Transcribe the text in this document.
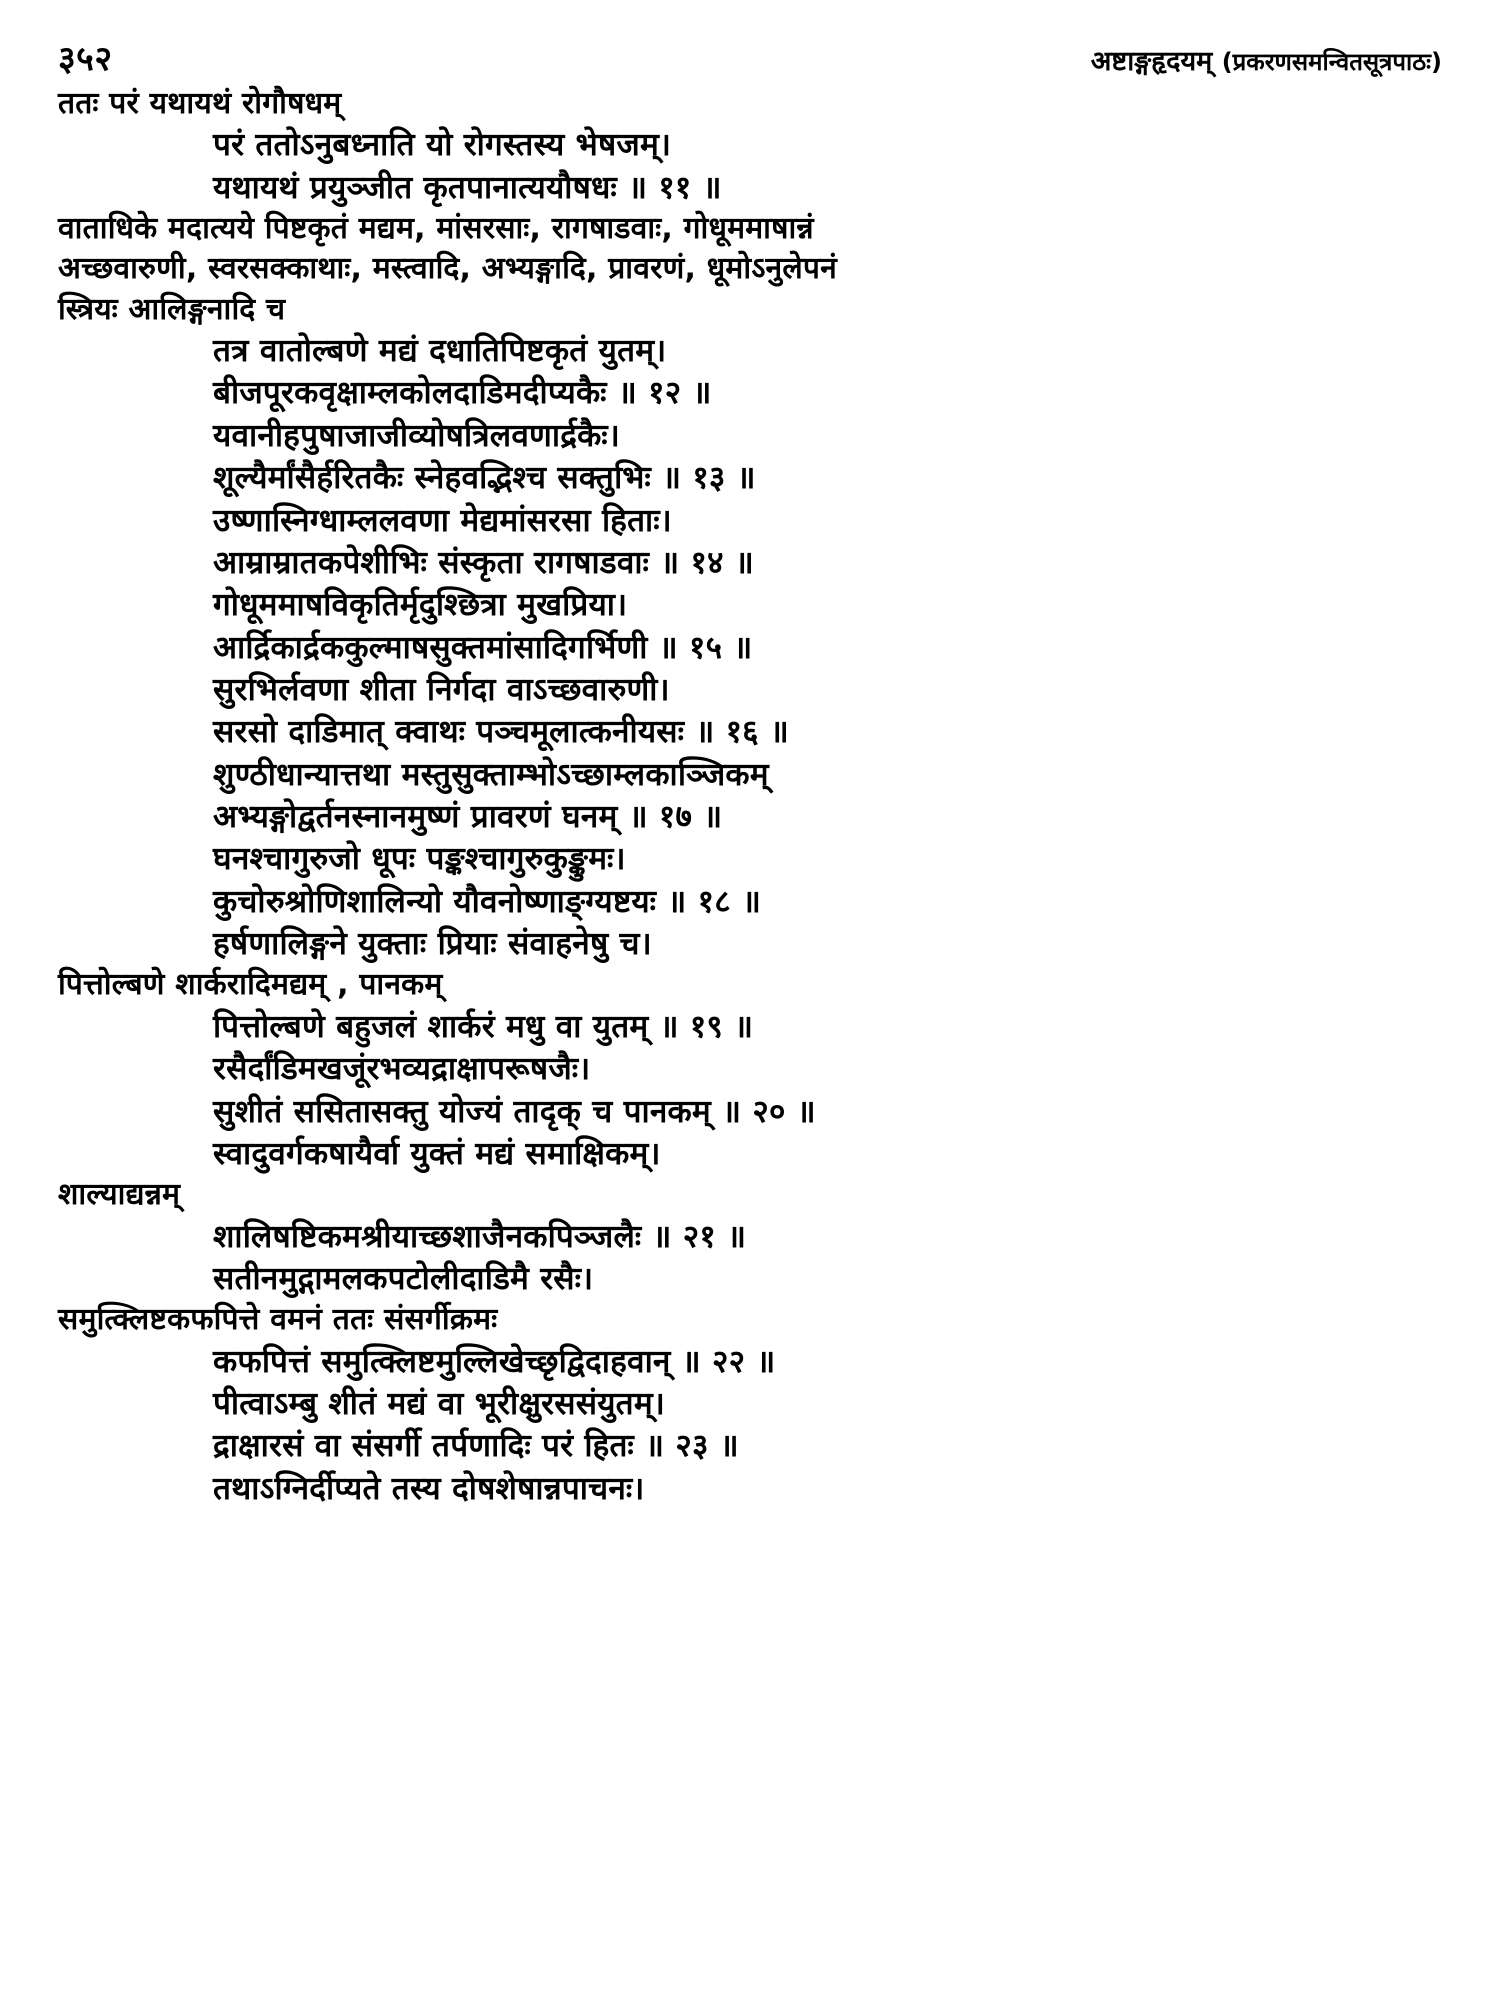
३५२	अष्टाङ्गहृदयम् (प्रकरणसमन्वितसूत्रपाठः)
ततः परं यथायथं रोगौषधम्
परं ततोऽनुबध्नाति यो रोगस्तस्य भेषजम्।
यथायथं प्रयुञ्जीत कृतपानात्ययौषधः ॥ ११ ॥
वाताधिके मदात्यये पिष्टकृतं मद्यम, मांसरसाः, रागषाडवाः, गोधूममाषान्नं
अच्छवारुणी, स्वरसक्काथाः, मस्त्वादि, अभ्यङ्गादि, प्रावरणं, धूमोऽनुलेपनं
स्त्रियः आलिङ्गनादि च
तत्र वातोल्बणे मद्यं दधातिपिष्टकृतं युतम्।
बीजपूरकवृक्षाम्लकोलदाडिमदीप्यकैः ॥ १२ ॥
यवानीहपुषाजाजीव्योषत्रिलवणार्द्रकैः।
शूल्यैर्मांसैर्हरितकैः स्नेहवद्भिश्च सक्तुभिः ॥ १३ ॥
उष्णास्निग्धाम्ललवणा मेद्यमांसरसा हिताः।
आम्राम्रातकपेशीभिः संस्कृता रागषाडवाः ॥ १४ ॥
गोधूममाषविकृतिर्मृदुश्छित्रा मुखप्रिया।
आर्द्रिकार्द्रककुल्माषसुक्तमांसादिगर्भिणी ॥ १५ ॥
सुरभिर्लवणा शीता निर्गदा वाऽच्छवारुणी।
सरसो दाडिमात् क्वाथः पञ्चमूलात्कनीयसः ॥ १६ ॥
शुण्ठीधान्यात्तथा मस्तुसुक्ताम्भोऽच्छाम्लकाञ्जिकम्
अभ्यङ्गोद्वर्तनस्नानमुष्णं प्रावरणं घनम् ॥ १७ ॥
घनश्चागुरुजो धूपः पङ्कश्चागुरुकुङ्कुमः।
कुचोरुश्रोणिशालिन्यो यौवनोष्णाङ्ग्यष्टयः ॥ १८ ॥
हर्षणालिङ्गने युक्ताः प्रियाः संवाहनेषु च।
पित्तोल्बणे शार्करादिमद्यम् , पानकम्
पित्तोल्बणे बहुजलं शार्करं मधु वा युतम् ॥ १९ ॥
रसैर्दांडिमखजूंरभव्यद्राक्षापरूषजैः।
सुशीतं ससितासक्तु योज्यं तादृक् च पानकम् ॥ २० ॥
स्वादुवर्गकषायैर्वा युक्तं मद्यं समाक्षिकम्।
शाल्याद्यन्नम्
शालिषष्टिकमश्रीयाच्छशाजैनकपिञ्जलैः ॥ २१ ॥
सतीनमुद्गामलकपटोलीदाडिमै रसैः।
समुत्क्लिष्टकफपित्ते वमनं ततः संसर्गीक्रमः
कफपित्तं समुत्क्लिष्टमुल्लिखेच्छृद्विदाहवान् ॥ २२ ॥
पीत्वाऽम्बु शीतं मद्यं वा भूरीक्षुरससंयुतम्।
द्राक्षारसं वा संसर्गी तर्पणादिः परं हितः ॥ २३ ॥
तथाऽग्निर्दीप्यते तस्य दोषशेषान्नपाचनः।
